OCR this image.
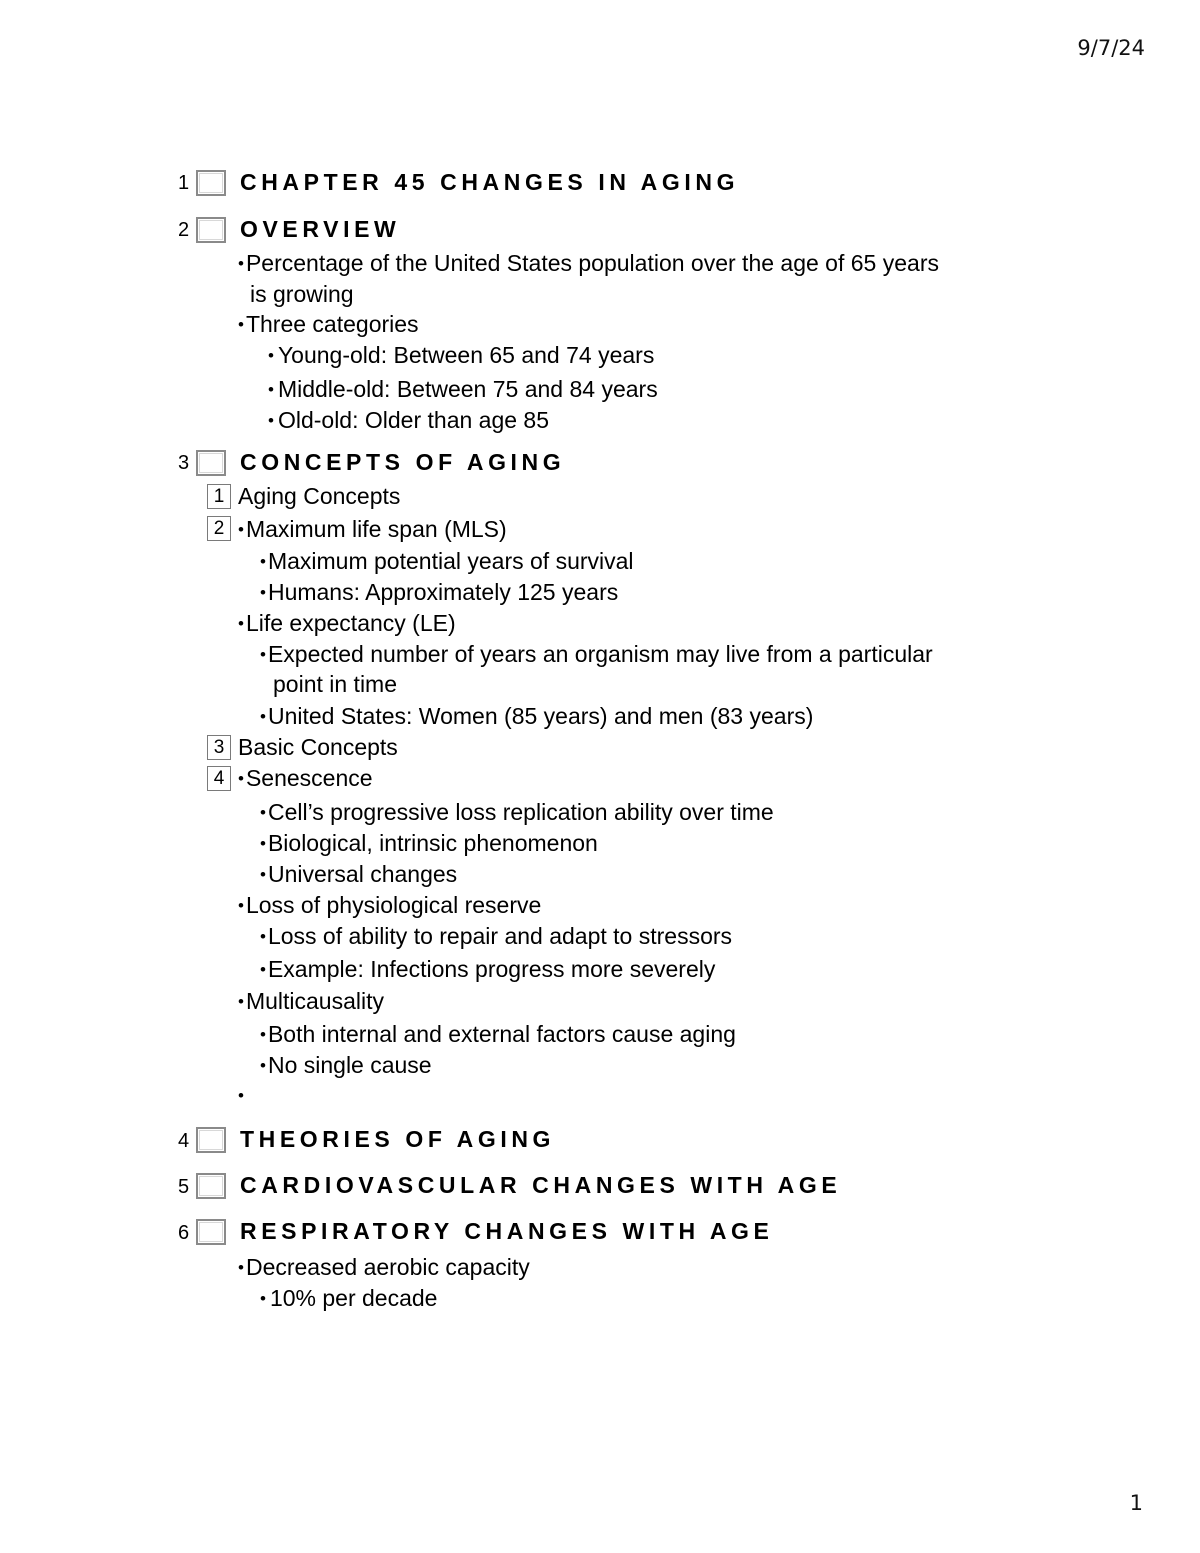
9/7/24
1 CHAPTER 45 CHANGES IN AGING
2 OVERVIEW
• Percentage of the United States population over the age of 65 years
is growing
• Three categories
• Young-old: Between 65 and 74 years
• Middle-old: Between 75 and 84 years
• Old-old: Older than age 85
3 CONCEPTS OF AGING
1 Aging Concepts
2 • Maximum life span (MLS)
• Maximum potential years of survival
• Humans: Approximately 125 years
• Life expectancy (LE)
• Expected number of years an organism may live from a particular
point in time
• United States: Women (85 years) and men (83 years)
3 Basic Concepts
4 • Senescence
• Cell’s progressive loss replication ability over time
• Biological, intrinsic phenomenon
• Universal changes
• Loss of physiological reserve
• Loss of ability to repair and adapt to stressors
• Example: Infections progress more severely
• Multicausality
• Both internal and external factors cause aging
• No single cause
•
4 THEORIES OF AGING
5 CARDIOVASCULAR CHANGES WITH AGE
6 RESPIRATORY CHANGES WITH AGE
• Decreased aerobic capacity
• 10% per decade
1
